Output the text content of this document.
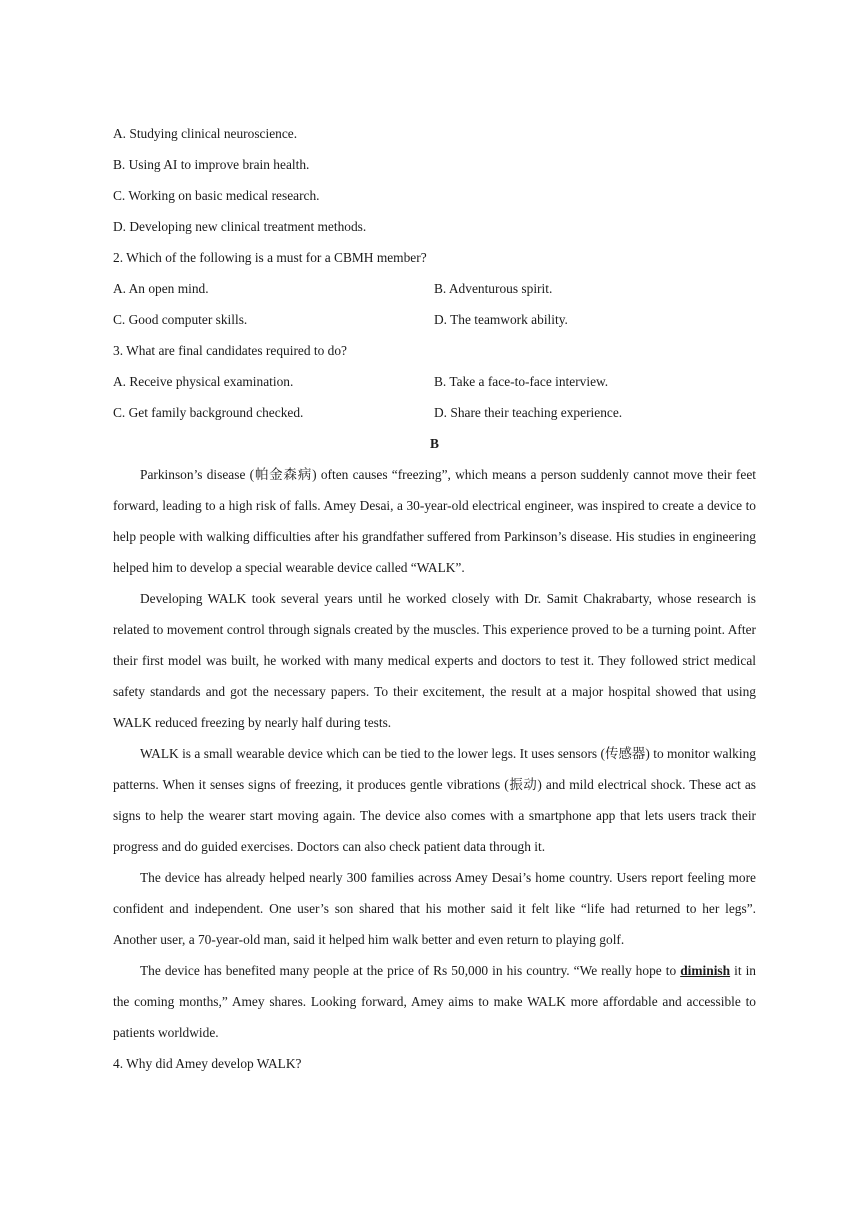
A. Studying clinical neuroscience.
B. Using AI to improve brain health.
C. Working on basic medical research.
D. Developing new clinical treatment methods.
2. Which of the following is a must for a CBMH member?
A. An open mind.	B. Adventurous spirit.
C. Good computer skills.	D. The teamwork ability.
3. What are final candidates required to do?
A. Receive physical examination.	B. Take a face-to-face interview.
C. Get family background checked.	D. Share their teaching experience.
B

Parkinson’s disease (帕金森病) often causes “freezing”, which means a person suddenly cannot move their feet forward, leading to a high risk of falls. Amey Desai, a 30-year-old electrical engineer, was inspired to create a device to help people with walking difficulties after his grandfather suffered from Parkinson’s disease. His studies in engineering helped him to develop a special wearable device called “WALK”.

Developing WALK took several years until he worked closely with Dr. Samit Chakrabarty, whose research is related to movement control through signals created by the muscles. This experience proved to be a turning point. After their first model was built, he worked with many medical experts and doctors to test it. They followed strict medical safety standards and got the necessary papers. To their excitement, the result at a major hospital showed that using WALK reduced freezing by nearly half during tests.

WALK is a small wearable device which can be tied to the lower legs. It uses sensors (传感器) to monitor walking patterns. When it senses signs of freezing, it produces gentle vibrations (振动) and mild electrical shock. These act as signs to help the wearer start moving again. The device also comes with a smartphone app that lets users track their progress and do guided exercises. Doctors can also check patient data through it.

The device has already helped nearly 300 families across Amey Desai’s home country. Users report feeling more confident and independent. One user’s son shared that his mother said it felt like “life had returned to her legs”. Another user, a 70-year-old man, said it helped him walk better and even return to playing golf.

The device has benefited many people at the price of Rs 50,000 in his country. “We really hope to diminish it in the coming months,” Amey shares. Looking forward, Amey aims to make WALK more affordable and accessible to patients worldwide.

4. Why did Amey develop WALK?
